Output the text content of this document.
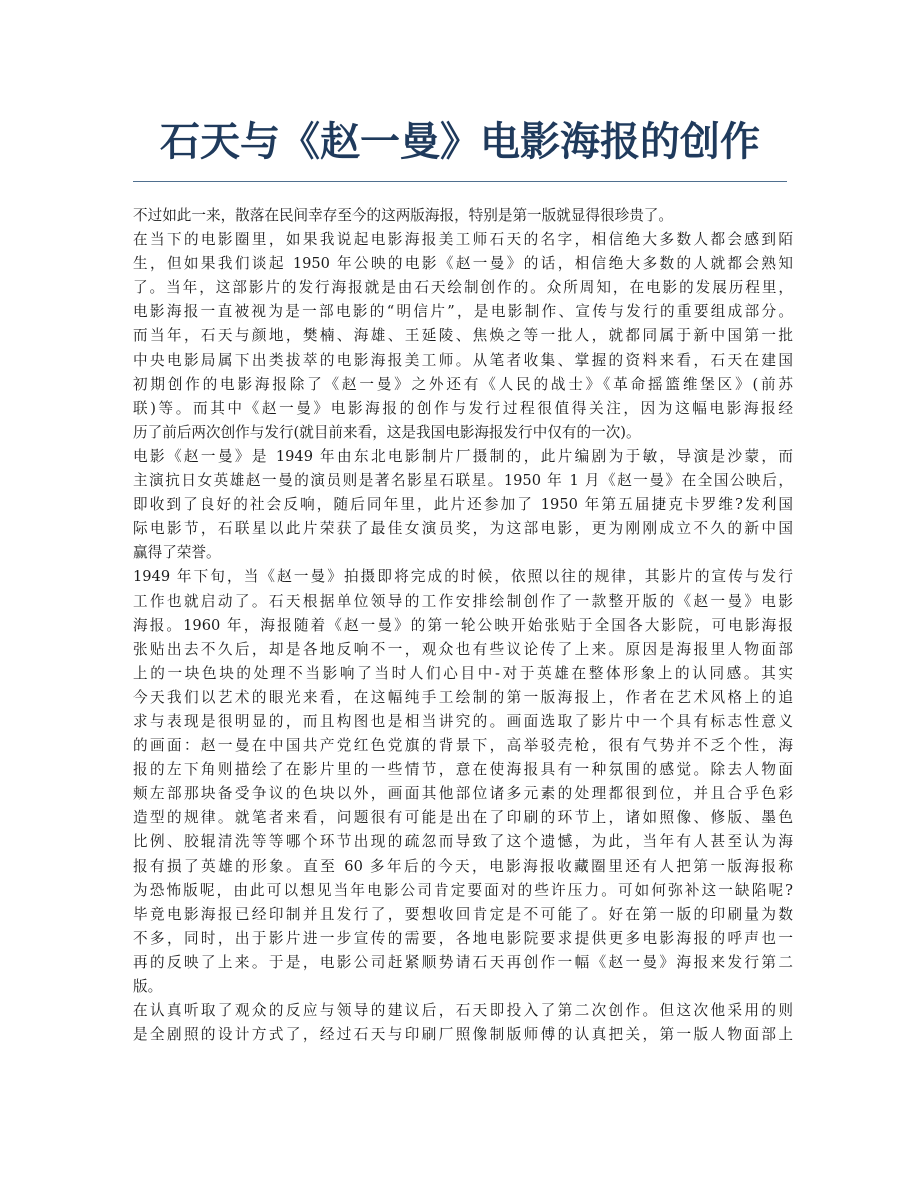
石天与《赵一曼》电影海报的创作
不过如此一来，散落在民间幸存至今的这两版海报，特别是第一版就显得很珍贵了。
在当下的电影圈里，如果我说起电影海报美工师石天的名字，相信绝大多数人都会感到陌
生，但如果我们谈起 1950 年公映的电影《赵一曼》的话，相信绝大多数的人就都会熟知
了。当年，这部影片的发行海报就是由石天绘制创作的。众所周知，在电影的发展历程里，
电影海报一直被视为是一部电影的“明信片”，是电影制作、宣传与发行的重要组成部分。
而当年，石天与颜地，樊楠、海雄、王延陵、焦焕之等一批人，就都同属于新中国第一批
中央电影局属下出类拔萃的电影海报美工师。从笔者收集、掌握的资料来看，石天在建国
初期创作的电影海报除了《赵一曼》之外还有《人民的战士》《革命摇篮维堡区》(前苏
联)等。而其中《赵一曼》电影海报的创作与发行过程很值得关注，因为这幅电影海报经
历了前后两次创作与发行(就目前来看，这是我国电影海报发行中仅有的一次)。
电影《赵一曼》是 1949 年由东北电影制片厂摄制的，此片编剧为于敏，导演是沙蒙，而
主演抗日女英雄赵一曼的演员则是著名影星石联星。1950 年 1 月《赵一曼》在全国公映后，
即收到了良好的社会反响，随后同年里，此片还参加了 1950 年第五届捷克卡罗维?发利国
际电影节，石联星以此片荣获了最佳女演员奖，为这部电影，更为刚刚成立不久的新中国
赢得了荣誉。
1949 年下旬，当《赵一曼》拍摄即将完成的时候，依照以往的规律，其影片的宣传与发行
工作也就启动了。石天根据单位领导的工作安排绘制创作了一款整开版的《赵一曼》电影
海报。1960 年，海报随着《赵一曼》的第一轮公映开始张贴于全国各大影院，可电影海报
张贴出去不久后，却是各地反响不一，观众也有些议论传了上来。原因是海报里人物面部
上的一块色块的处理不当影响了当时人们心目中-对于英雄在整体形象上的认同感。其实
今天我们以艺术的眼光来看，在这幅纯手工绘制的第一版海报上，作者在艺术风格上的追
求与表现是很明显的，而且构图也是相当讲究的。画面选取了影片中一个具有标志性意义
的画面：赵一曼在中国共产党红色党旗的背景下，高举驳壳枪，很有气势并不乏个性，海
报的左下角则描绘了在影片里的一些情节，意在使海报具有一种氛围的感觉。除去人物面
颊左部那块备受争议的色块以外，画面其他部位诸多元素的处理都很到位，并且合乎色彩
造型的规律。就笔者来看，问题很有可能是出在了印刷的环节上，诸如照像、修版、墨色
比例、胶辊清洗等等哪个环节出现的疏忽而导致了这个遗憾，为此，当年有人甚至认为海
报有损了英雄的形象。直至 60 多年后的今天，电影海报收藏圈里还有人把第一版海报称
为恐怖版呢，由此可以想见当年电影公司肯定要面对的些许压力。可如何弥补这一缺陷呢?
毕竟电影海报已经印制并且发行了，要想收回肯定是不可能了。好在第一版的印刷量为数
不多，同时，出于影片进一步宣传的需要，各地电影院要求提供更多电影海报的呼声也一
再的反映了上来。于是，电影公司赶紧顺势请石天再创作一幅《赵一曼》海报来发行第二
版。
在认真听取了观众的反应与领导的建议后，石天即投入了第二次创作。但这次他采用的则
是全剧照的设计方式了，经过石天与印刷厂照像制版师傅的认真把关，第一版人物面部上
